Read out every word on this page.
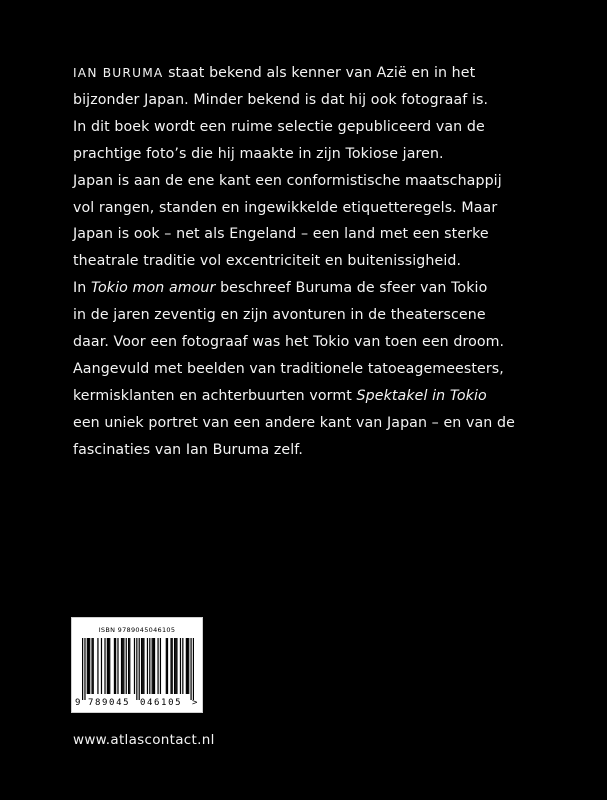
IAN BURUMA staat bekend als kenner van Azië en in het
bijzonder Japan. Minder bekend is dat hij ook fotograaf is.
In dit boek wordt een ruime selectie gepubliceerd van de
prachtige foto’s die hij maakte in zijn Tokiose jaren.
Japan is aan de ene kant een conformistische maatschappij
vol rangen, standen en ingewikkelde etiquetteregels. Maar
Japan is ook – net als Engeland – een land met een sterke
theatrale traditie vol excentriciteit en buitenissigheid.
In Tokio mon amour beschreef Buruma de sfeer van Tokio
in de jaren zeventig en zijn avonturen in de theaterscene
daar. Voor een fotograaf was het Tokio van toen een droom.
Aangevuld met beelden van traditionele tatoeagemeesters,
kermisklanten en achterbuurten vormt Spektakel in Tokio
een uniek portret van een andere kant van Japan – en van de
fascinaties van Ian Buruma zelf.
ISBN 9789045046105
9 789045 046105 >
www.atlascontact.nl
